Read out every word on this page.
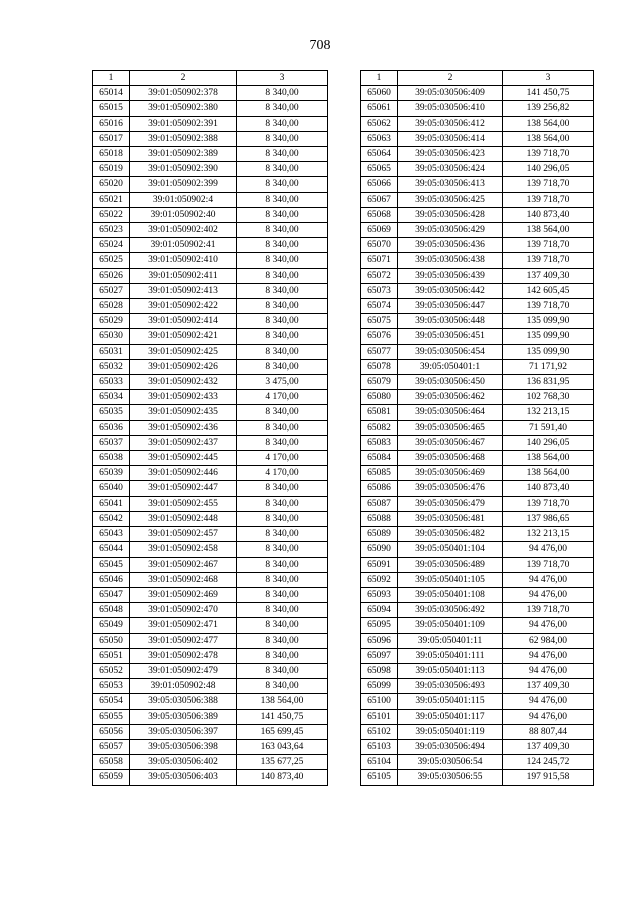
708
1	2	3
65014	39:01:050902:378	8 340,00
65015	39:01:050902:380	8 340,00
65016	39:01:050902:391	8 340,00
65017	39:01:050902:388	8 340,00
65018	39:01:050902:389	8 340,00
65019	39:01:050902:390	8 340,00
65020	39:01:050902:399	8 340,00
65021	39:01:050902:4	8 340,00
65022	39:01:050902:40	8 340,00
65023	39:01:050902:402	8 340,00
65024	39:01:050902:41	8 340,00
65025	39:01:050902:410	8 340,00
65026	39:01:050902:411	8 340,00
65027	39:01:050902:413	8 340,00
65028	39:01:050902:422	8 340,00
65029	39:01:050902:414	8 340,00
65030	39:01:050902:421	8 340,00
65031	39:01:050902:425	8 340,00
65032	39:01:050902:426	8 340,00
65033	39:01:050902:432	3 475,00
65034	39:01:050902:433	4 170,00
65035	39:01:050902:435	8 340,00
65036	39:01:050902:436	8 340,00
65037	39:01:050902:437	8 340,00
65038	39:01:050902:445	4 170,00
65039	39:01:050902:446	4 170,00
65040	39:01:050902:447	8 340,00
65041	39:01:050902:455	8 340,00
65042	39:01:050902:448	8 340,00
65043	39:01:050902:457	8 340,00
65044	39:01:050902:458	8 340,00
65045	39:01:050902:467	8 340,00
65046	39:01:050902:468	8 340,00
65047	39:01:050902:469	8 340,00
65048	39:01:050902:470	8 340,00
65049	39:01:050902:471	8 340,00
65050	39:01:050902:477	8 340,00
65051	39:01:050902:478	8 340,00
65052	39:01:050902:479	8 340,00
65053	39:01:050902:48	8 340,00
65054	39:05:030506:388	138 564,00
65055	39:05:030506:389	141 450,75
65056	39:05:030506:397	165 699,45
65057	39:05:030506:398	163 043,64
65058	39:05:030506:402	135 677,25
65059	39:05:030506:403	140 873,40
1	2	3
65060	39:05:030506:409	141 450,75
65061	39:05:030506:410	139 256,82
65062	39:05:030506:412	138 564,00
65063	39:05:030506:414	138 564,00
65064	39:05:030506:423	139 718,70
65065	39:05:030506:424	140 296,05
65066	39:05:030506:413	139 718,70
65067	39:05:030506:425	139 718,70
65068	39:05:030506:428	140 873,40
65069	39:05:030506:429	138 564,00
65070	39:05:030506:436	139 718,70
65071	39:05:030506:438	139 718,70
65072	39:05:030506:439	137 409,30
65073	39:05:030506:442	142 605,45
65074	39:05:030506:447	139 718,70
65075	39:05:030506:448	135 099,90
65076	39:05:030506:451	135 099,90
65077	39:05:030506:454	135 099,90
65078	39:05:050401:1	71 171,92
65079	39:05:030506:450	136 831,95
65080	39:05:030506:462	102 768,30
65081	39:05:030506:464	132 213,15
65082	39:05:030506:465	71 591,40
65083	39:05:030506:467	140 296,05
65084	39:05:030506:468	138 564,00
65085	39:05:030506:469	138 564,00
65086	39:05:030506:476	140 873,40
65087	39:05:030506:479	139 718,70
65088	39:05:030506:481	137 986,65
65089	39:05:030506:482	132 213,15
65090	39:05:050401:104	94 476,00
65091	39:05:030506:489	139 718,70
65092	39:05:050401:105	94 476,00
65093	39:05:050401:108	94 476,00
65094	39:05:030506:492	139 718,70
65095	39:05:050401:109	94 476,00
65096	39:05:050401:11	62 984,00
65097	39:05:050401:111	94 476,00
65098	39:05:050401:113	94 476,00
65099	39:05:030506:493	137 409,30
65100	39:05:050401:115	94 476,00
65101	39:05:050401:117	94 476,00
65102	39:05:050401:119	88 807,44
65103	39:05:030506:494	137 409,30
65104	39:05:030506:54	124 245,72
65105	39:05:030506:55	197 915,58
